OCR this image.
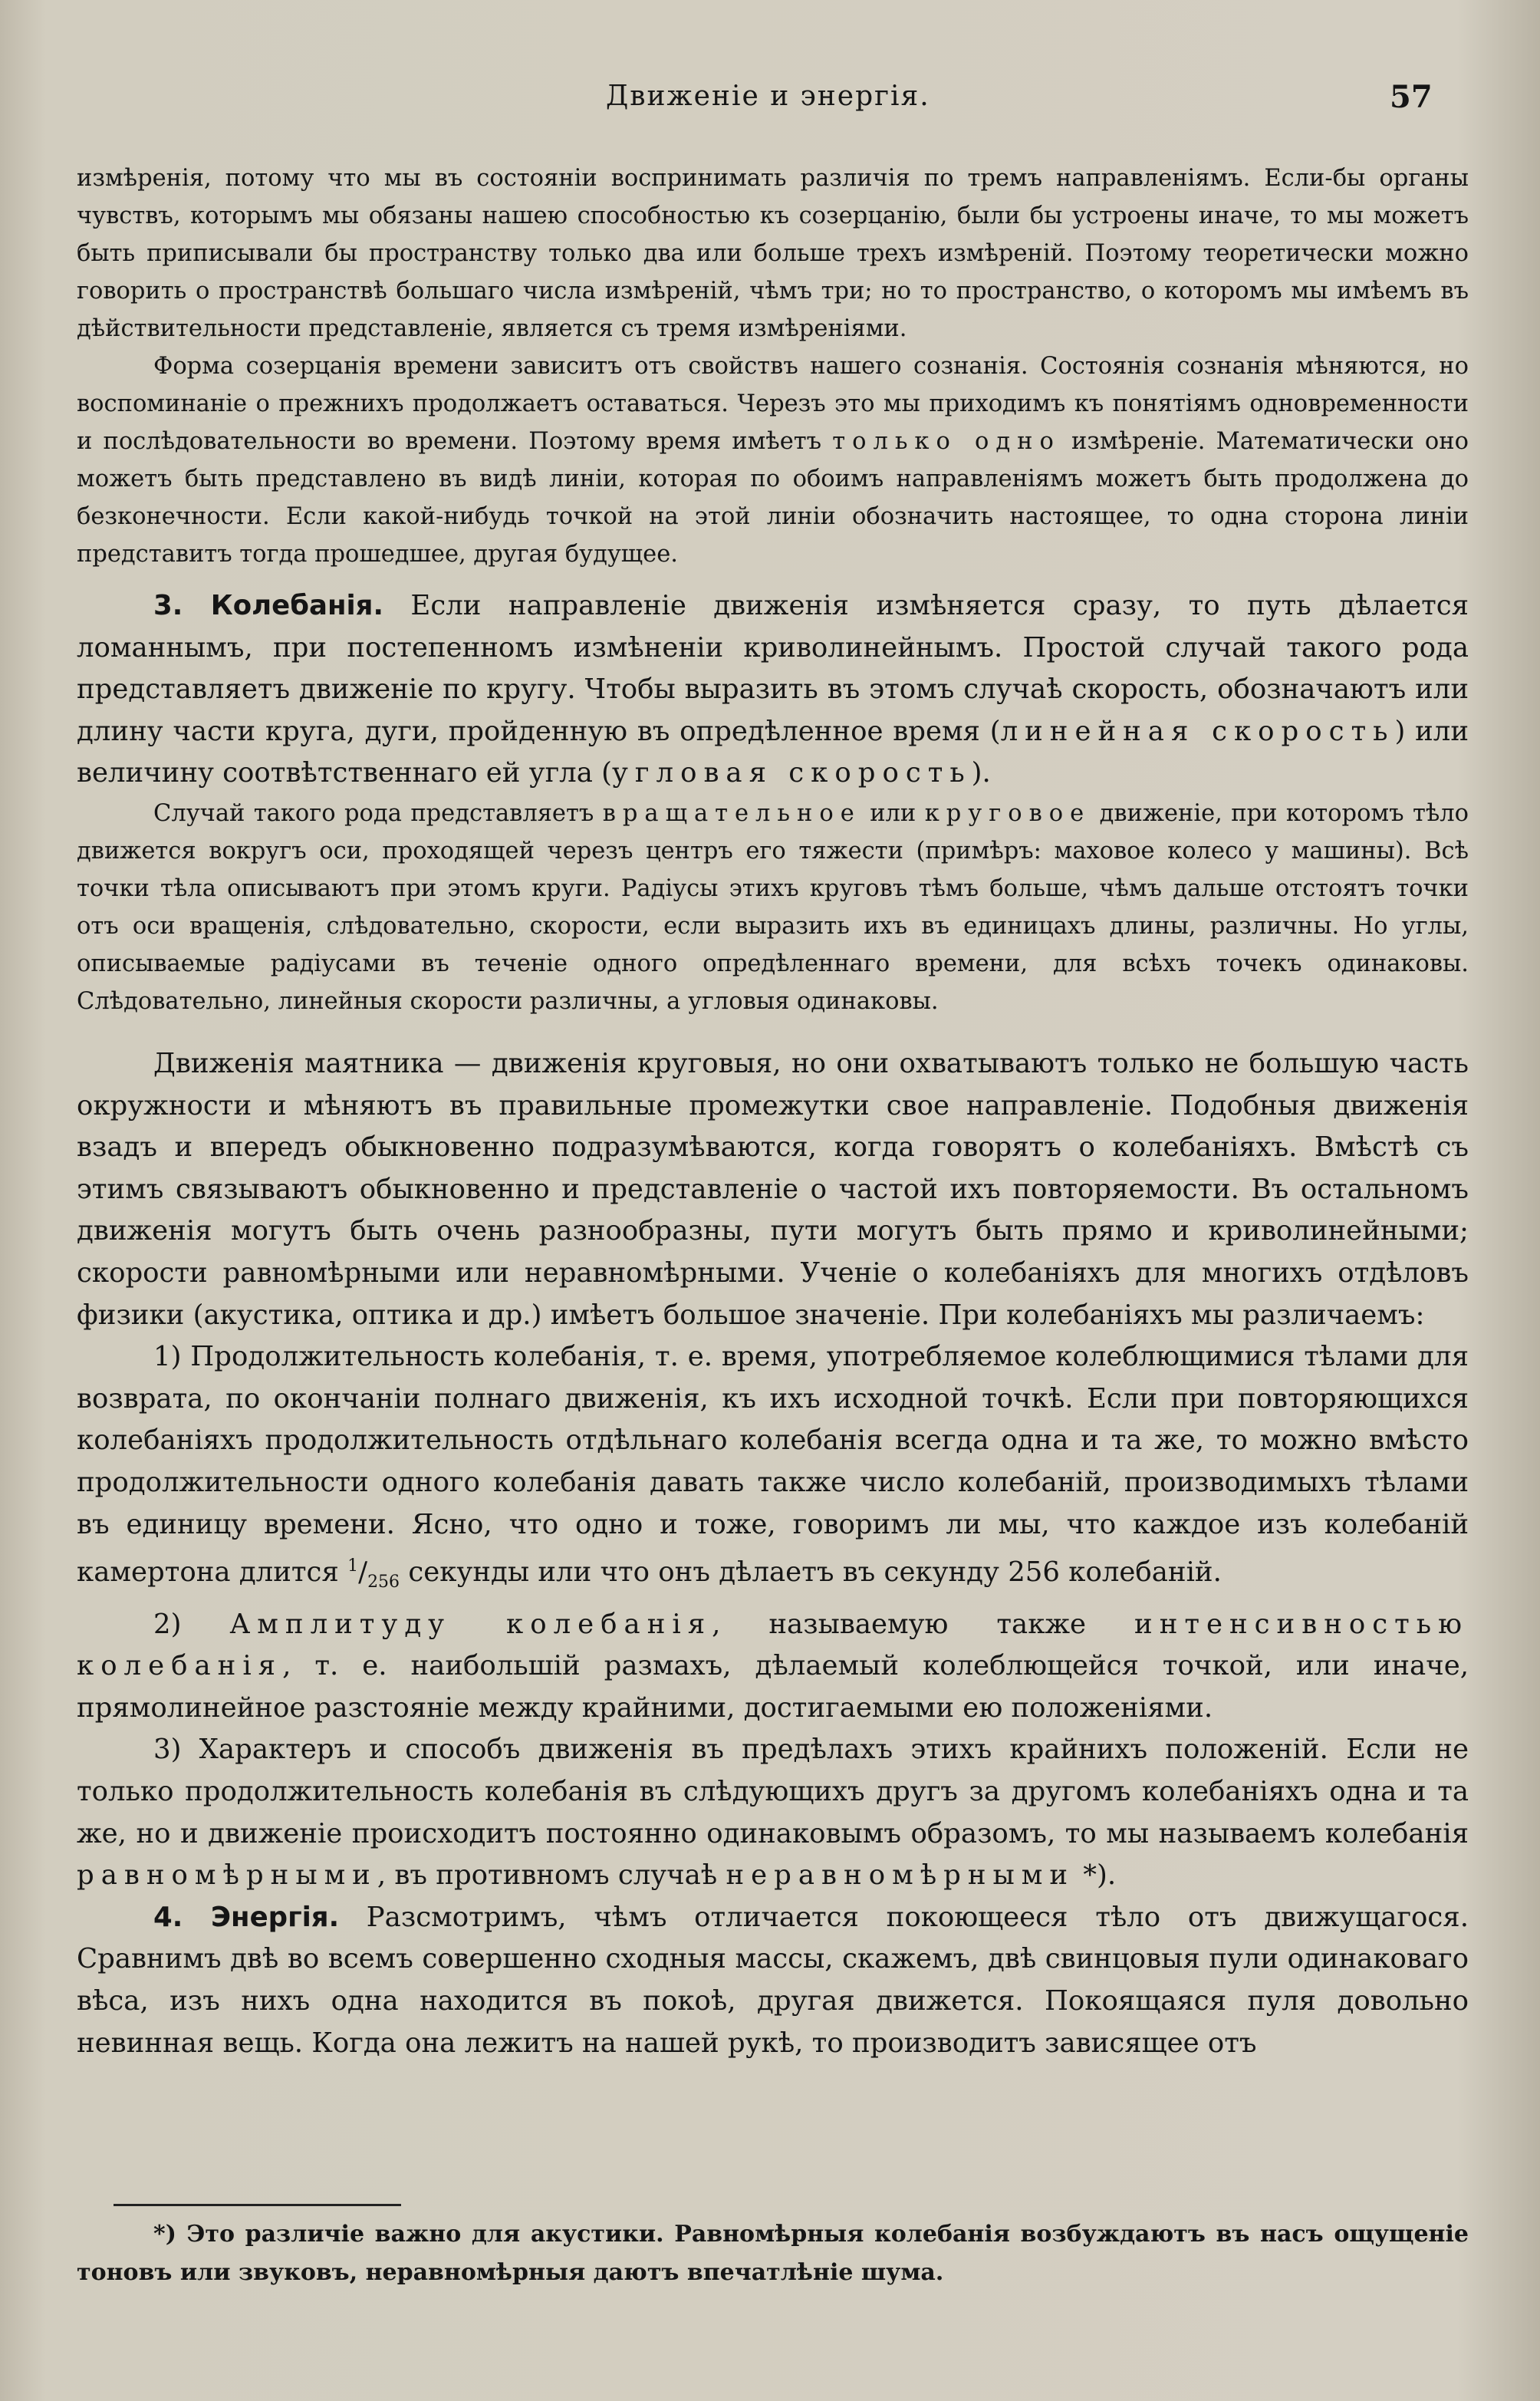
Движеніе и энергія.	57

измѣренія, потому что мы въ состояніи воспринимать различія по тремъ направленіямъ. Если-бы органы чувствъ, которымъ мы обязаны нашею способностью къ созерцанію, были бы устроены иначе, то мы можетъ быть приписывали бы пространству только два или больше трехъ измѣреній. Поэтому теоретически можно говорить о пространствѣ большаго числа измѣреній, чѣмъ три; но то пространство, о которомъ мы имѣемъ въ дѣйствительности представленіе, является съ тремя измѣреніями.

Форма созерцанія времени зависитъ отъ свойствъ нашего сознанія. Состоянія сознанія мѣняются, но воспоминаніе о прежнихъ продолжаетъ оставаться. Черезъ это мы приходимъ къ понятіямъ одновременности и послѣдовательности во времени. Поэтому время имѣетъ только одно измѣреніе. Математически оно можетъ быть представлено въ видѣ линіи, которая по обоимъ направленіямъ можетъ быть продолжена до безконечности. Если какой-нибудь точкой на этой линіи обозначить настоящее, то одна сторона линіи представитъ тогда прошедшее, другая будущее.

3. Колебанія. Если направленіе движенія измѣняется сразу, то путь дѣлается ломаннымъ, при постепенномъ измѣненіи криволинейнымъ. Простой случай такого рода представляетъ движеніе по кругу. Чтобы выразить въ этомъ случаѣ скорость, обозначаютъ или длину части круга, дуги, пройденную въ опредѣленное время (линейная скорость) или величину соотвѣтственнаго ей угла (угловая скорость).

Случай такого рода представляетъ вращательное или круговое движеніе, при которомъ тѣло движется вокругъ оси, проходящей черезъ центръ его тяжести (примѣръ: маховое колесо у машины). Всѣ точки тѣла описываютъ при этомъ круги. Радіусы этихъ круговъ тѣмъ больше, чѣмъ дальше отстоятъ точки отъ оси вращенія, слѣдовательно, скорости, если выразить ихъ въ единицахъ длины, различны. Но углы, описываемые радіусами въ теченіе одного опредѣленнаго времени, для всѣхъ точекъ одинаковы. Слѣдовательно, линейныя скорости различны, а угловыя одинаковы.

Движенія маятника — движенія круговыя, но они охватываютъ только не большую часть окружности и мѣняютъ въ правильные промежутки свое направленіе. Подобныя движенія взадъ и впередъ обыкновенно подразумѣваются, когда говорятъ о колебаніяхъ. Вмѣстѣ съ этимъ связываютъ обыкновенно и представленіе о частой ихъ повторяемости. Въ остальномъ движенія могутъ быть очень разнообразны, пути могутъ быть прямо и криволинейными; скорости равномѣрными или неравномѣрными. Ученіе о колебаніяхъ для многихъ отдѣловъ физики (акустика, оптика и др.) имѣетъ большое значеніе. При колебаніяхъ мы различаемъ:

1) Продолжительность колебанія, т. е. время, употребляемое колеблющимися тѣлами для возврата, по окончаніи полнаго движенія, къ ихъ исходной точкѣ. Если при повторяющихся колебаніяхъ продолжительность отдѣльнаго колебанія всегда одна и та же, то можно вмѣсто продолжительности одного колебанія давать также число колебаній, производимыхъ тѣлами въ единицу времени. Ясно, что одно и тоже, говоримъ ли мы, что каждое изъ колебаній камертона длится $^1/_{256}$ секунды или что онъ дѣлаетъ въ секунду 256 колебаній.

2) Амплитуду колебанія, называемую также интенсивностью колебанія, т. е. наибольшій размахъ, дѣлаемый колеблющейся точкой, или иначе, прямолинейное разстояніе между крайними, достигаемыми ею положеніями.

3) Характеръ и способъ движенія въ предѣлахъ этихъ крайнихъ положеній. Если не только продолжительность колебанія въ слѣдующихъ другъ за другомъ колебаніяхъ одна и та же, но и движеніе происходитъ постоянно одинаковымъ образомъ, то мы называемъ колебанія равномѣрными, въ противномъ случаѣ неравномѣрными *).

4. Энергія. Разсмотримъ, чѣмъ отличается покоющееся тѣло отъ движущагося. Сравнимъ двѣ во всемъ совершенно сходныя массы, скажемъ, двѣ свинцовыя пули одинаковаго вѣса, изъ нихъ одна находится въ покоѣ, другая движется. Покоящаяся пуля довольно невинная вещь. Когда она лежитъ на нашей рукѣ, то производитъ зависящее отъ

*) Это различіе важно для акустики. Равномѣрныя колебанія возбуждаютъ въ насъ ощущеніе тоновъ или звуковъ, неравномѣрныя даютъ впечатлѣніе шума.
